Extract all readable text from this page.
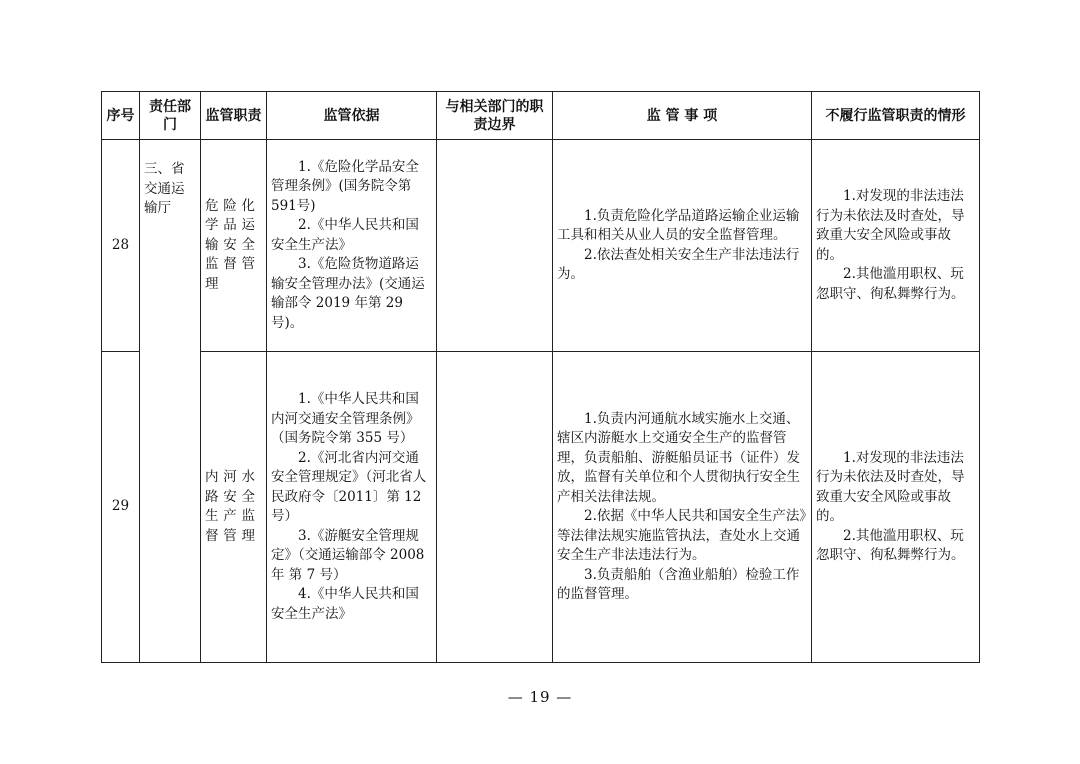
序号	责任部门	监管职责	监管依据	与相关部门的职责边界	监 管 事 项	不履行监管职责的情形
28	三、省交通运输厅	危险化学品运输安全监督管理	1.《危险化学品安全管理条例》(国务院令第591号)
2.《中华人民共和国安全生产法》
3.《危险货物道路运输安全管理办法》(交通运输部令 2019 年第 29 号)。		1.负责危险化学品道路运输企业运输工具和相关从业人员的安全监督管理。
2.依法查处相关安全生产非法违法行为。	1.对发现的非法违法行为未依法及时查处，导致重大安全风险或事故的。
2.其他滥用职权、玩忽职守、徇私舞弊行为。

29		内河水路安全生产监督管理	1.《中华人民共和国内河交通安全管理条例》（国务院令第 355 号）
2.《河北省内河交通安全管理规定》（河北省人民政府令〔2011〕第 12 号）
3.《游艇安全管理规定》（交通运输部令 2008 年 第 7 号）
4.《中华人民共和国安全生产法》		1.负责内河通航水域实施水上交通、辖区内游艇水上交通安全生产的监督管理，负责船舶、游艇船员证书（证件）发放，监督有关单位和个人贯彻执行安全生产相关法律法规。
2.依据《中华人民共和国安全生产法》等法律法规实施监管执法，查处水上交通安全生产非法违法行为。
3.负责船舶（含渔业船舶）检验工作的监督管理。	1.对发现的非法违法行为未依法及时查处，导致重大安全风险或事故的。
2.其他滥用职权、玩忽职守、徇私舞弊行为。
— 19 —
